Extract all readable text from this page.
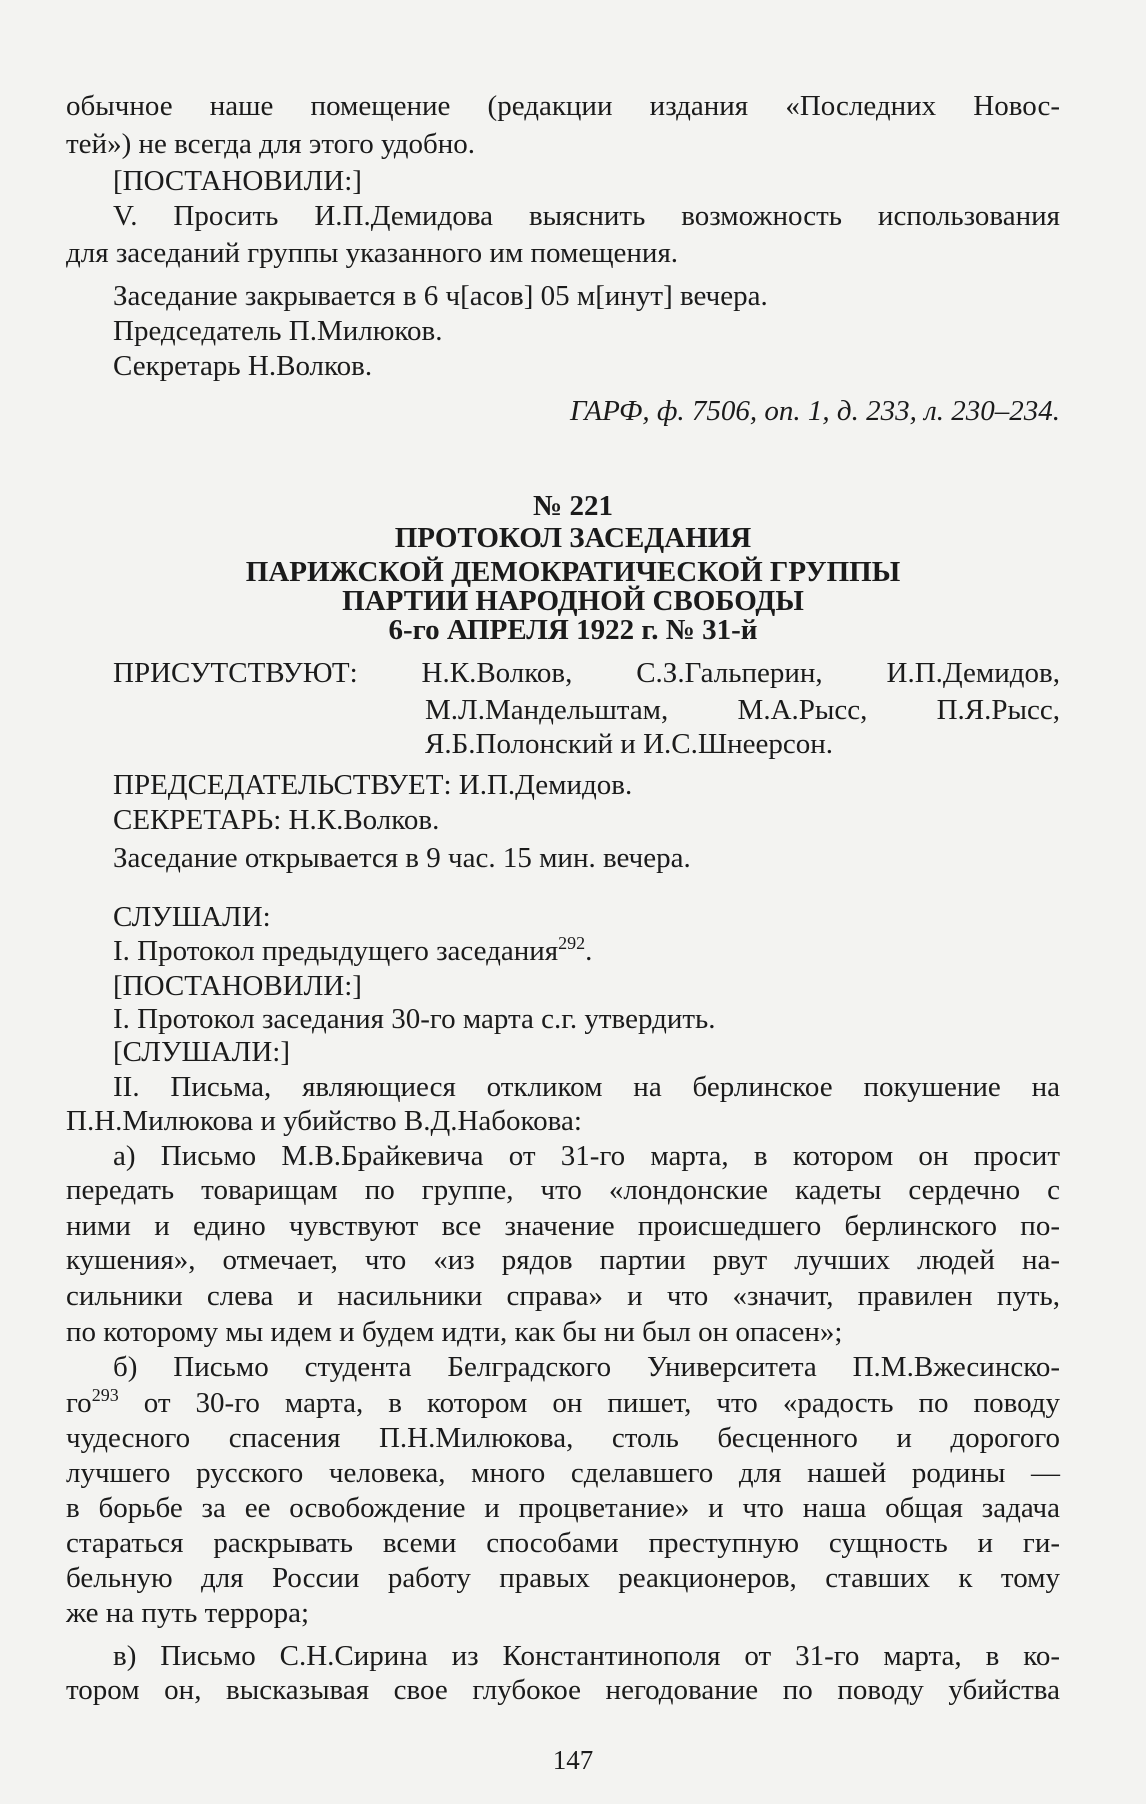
обычное наше помещение (редакции издания «Последних Новос-
тей») не всегда для этого удобно.
[ПОСТАНОВИЛИ:]
V. Просить И.П.Демидова выяснить возможность использования
для заседаний группы указанного им помещения.
Заседание закрывается в 6 ч[асов] 05 м[инут] вечера.
Председатель П.Милюков.
Секретарь Н.Волков.
ГАРФ, ф. 7506, оп. 1, д. 233, л. 230–234.
№ 221
ПРОТОКОЛ ЗАСЕДАНИЯ
ПАРИЖСКОЙ ДЕМОКРАТИЧЕСКОЙ ГРУППЫ
ПАРТИИ НАРОДНОЙ СВОБОДЫ
6-го АПРЕЛЯ 1922 г. № 31-й
ПРИСУТСТВУЮТ: Н.К.Волков, С.З.Гальперин, И.П.Демидов,
М.Л.Мандельштам, М.А.Рысс, П.Я.Рысс,
Я.Б.Полонский и И.С.Шнеерсон.
ПРЕДСЕДАТЕЛЬСТВУЕТ: И.П.Демидов.
СЕКРЕТАРЬ: Н.К.Волков.
Заседание открывается в 9 час. 15 мин. вечера.
СЛУШАЛИ:
I. Протокол предыдущего заседания$^{292}$.
[ПОСТАНОВИЛИ:]
I. Протокол заседания 30-го марта с.г. утвердить.
[СЛУШАЛИ:]
II. Письма, являющиеся откликом на берлинское покушение на
П.Н.Милюкова и убийство В.Д.Набокова:
а) Письмо М.В.Брайкевича от 31-го марта, в котором он просит
передать товарищам по группе, что «лондонские кадеты сердечно с
ними и едино чувствуют все значение происшедшего берлинского по-
кушения», отмечает, что «из рядов партии рвут лучших людей на-
сильники слева и насильники справа» и что «значит, правилен путь,
по которому мы идем и будем идти, как бы ни был он опасен»;
б) Письмо студента Белградского Университета П.М.Вжесинско-
$го^{293}$ от 30-го марта, в котором он пишет, что «радость по поводу
чудесного спасения П.Н.Милюкова, столь бесценного и дорогого
лучшего русского человека, много сделавшего для нашей родины —
в борьбе за ее освобождение и процветание» и что наша общая задача
стараться раскрывать всеми способами преступную сущность и ги-
бельную для России работу правых реакционеров, ставших к тому
же на путь террора;
в) Письмо С.Н.Сирина из Константинополя от 31-го марта, в ко-
тором он, высказывая свое глубокое негодование по поводу убийства
147
